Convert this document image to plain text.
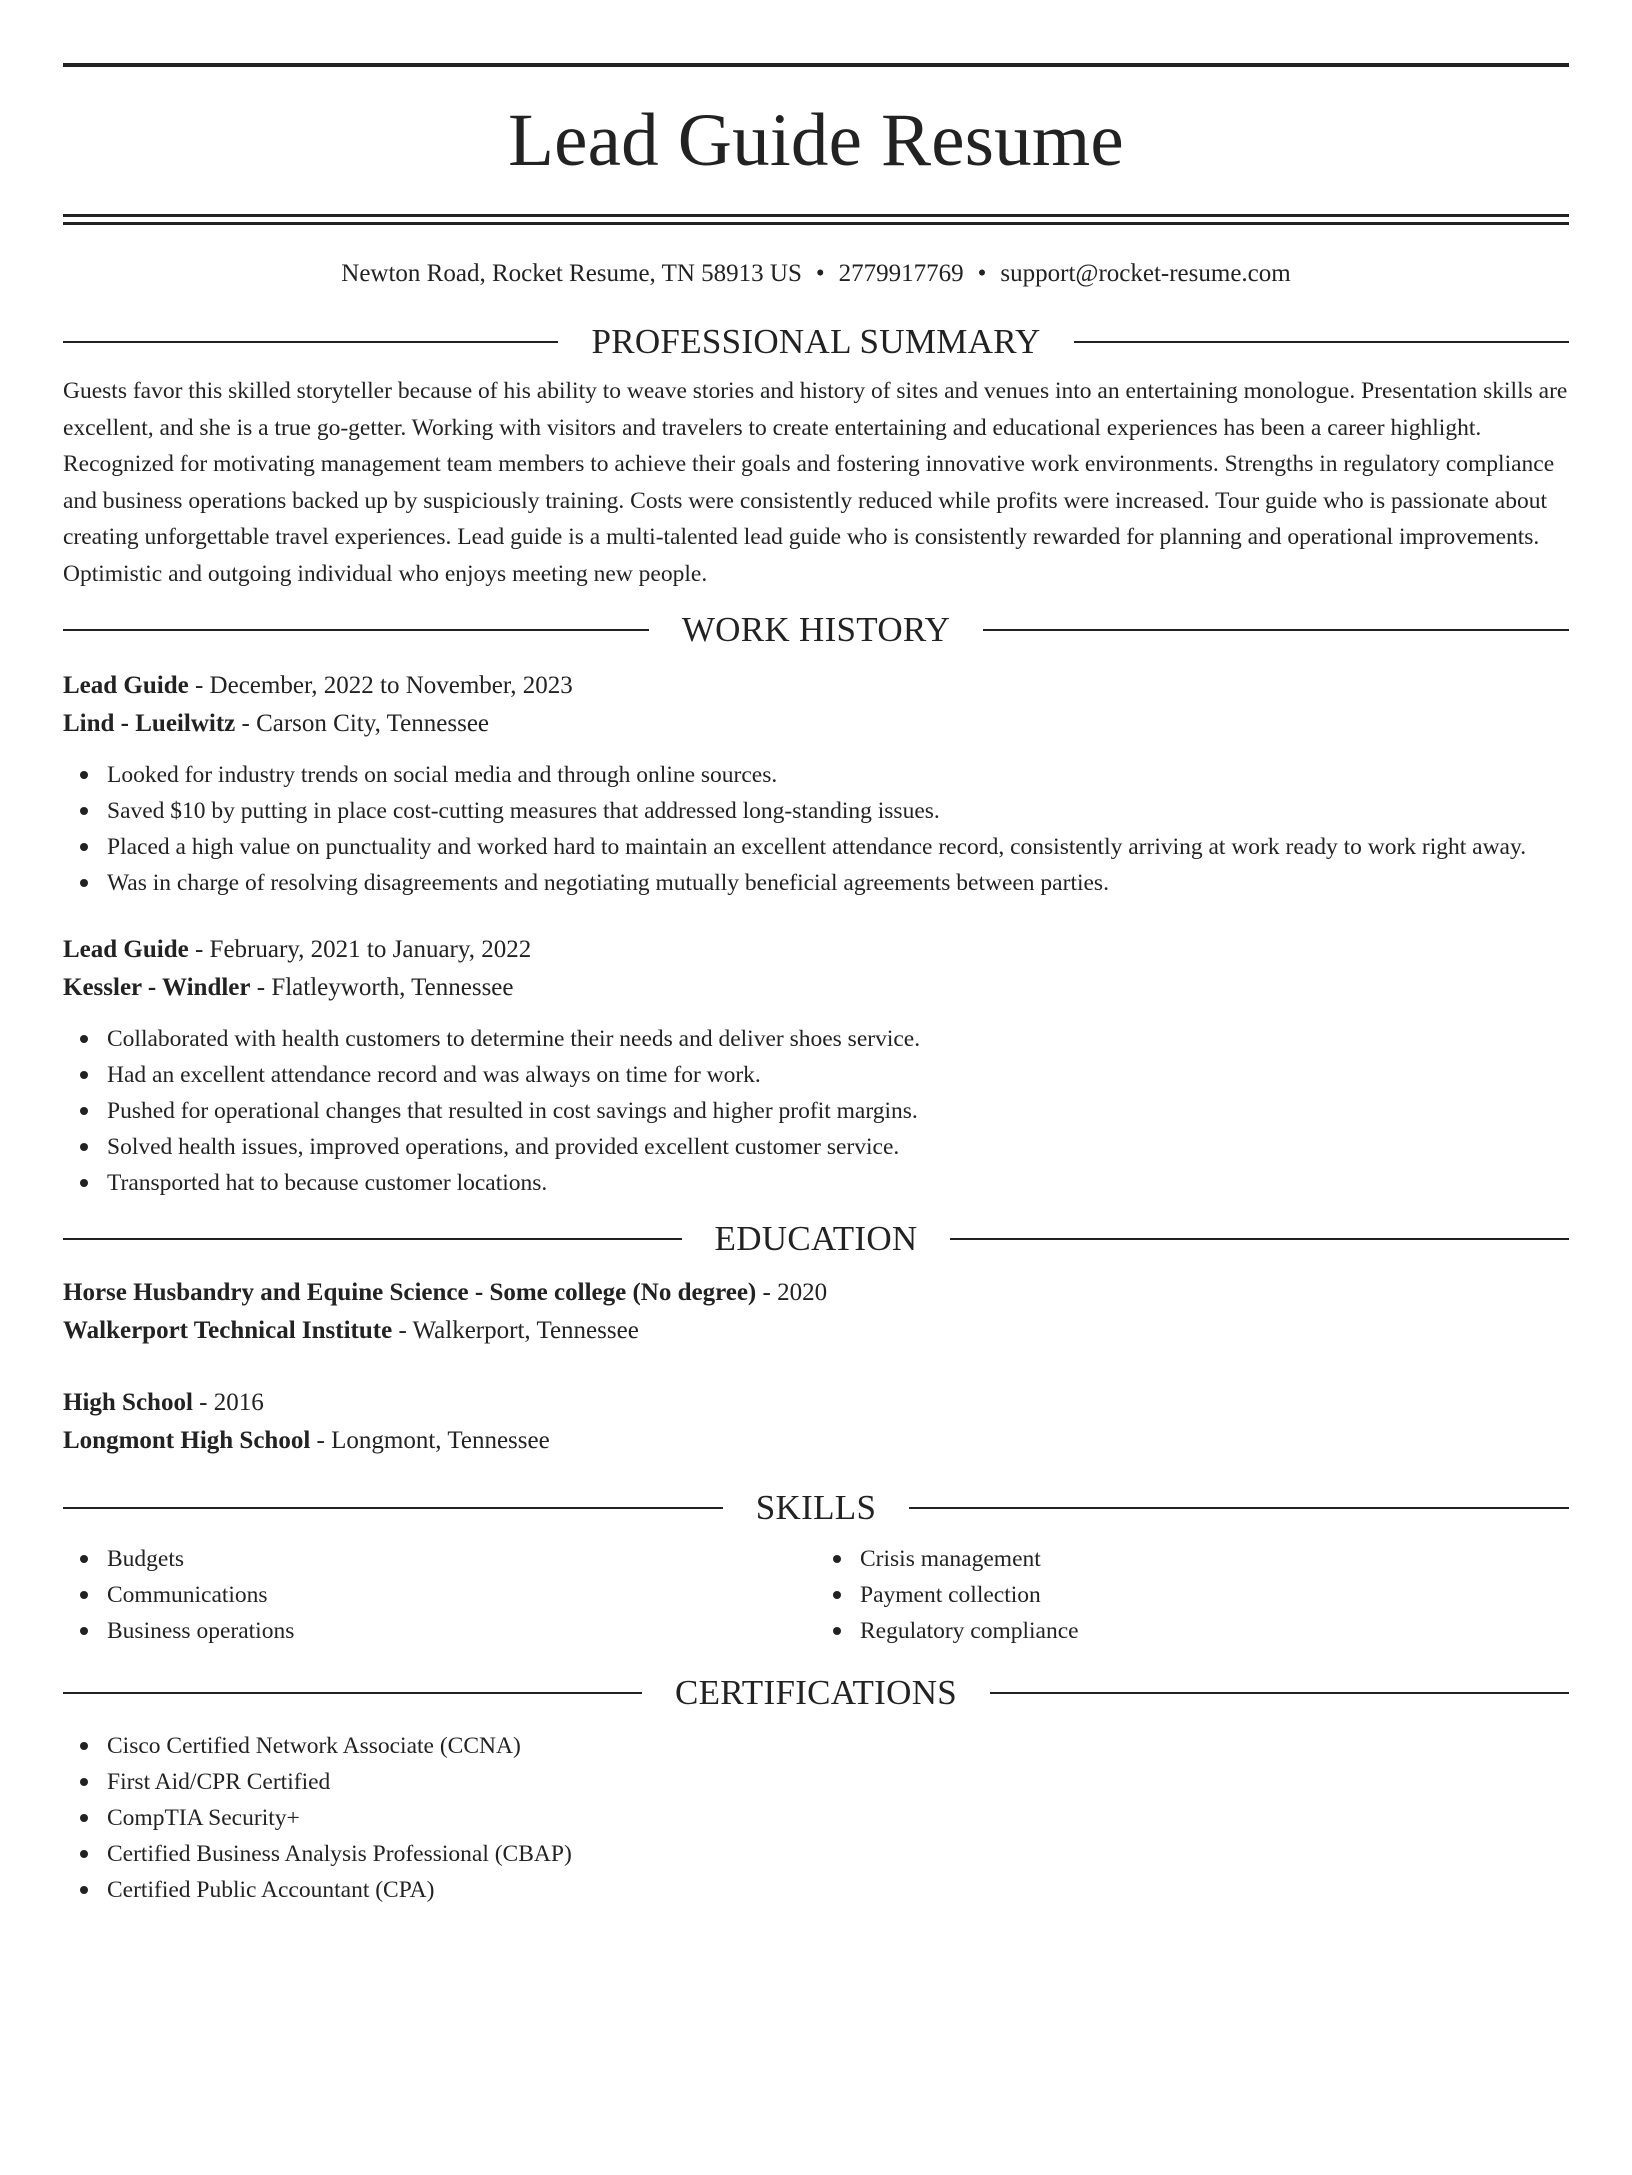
Lead Guide Resume
Newton Road, Rocket Resume, TN 58913 US • 2779917769 • support@rocket-resume.com
PROFESSIONAL SUMMARY

Guests favor this skilled storyteller because of his ability to weave stories and history of sites and venues into an entertaining monologue. Presentation skills are excellent, and she is a true go-getter. Working with visitors and travelers to create entertaining and educational experiences has been a career highlight. Recognized for motivating management team members to achieve their goals and fostering innovative work environments. Strengths in regulatory compliance and business operations backed up by suspiciously training. Costs were consistently reduced while profits were increased. Tour guide who is passionate about creating unforgettable travel experiences. Lead guide is a multi-talented lead guide who is consistently rewarded for planning and operational improvements. Optimistic and outgoing individual who enjoys meeting new people.

WORK HISTORY

Lead Guide - December, 2022 to November, 2023

Lind - Lueilwitz - Carson City, Tennessee

Looked for industry trends on social media and through online sources.
Saved $10 by putting in place cost-cutting measures that addressed long-standing issues.
Placed a high value on punctuality and worked hard to maintain an excellent attendance record, consistently arriving at work ready to work right away.
Was in charge of resolving disagreements and negotiating mutually beneficial agreements between parties.

Lead Guide - February, 2021 to January, 2022

Kessler - Windler - Flatleyworth, Tennessee

Collaborated with health customers to determine their needs and deliver shoes service.
Had an excellent attendance record and was always on time for work.
Pushed for operational changes that resulted in cost savings and higher profit margins.
Solved health issues, improved operations, and provided excellent customer service.
Transported hat to because customer locations.
EDUCATION

Horse Husbandry and Equine Science - Some college (No degree) - 2020

Walkerport Technical Institute - Walkerport, Tennessee

High School - 2016

Longmont High School - Longmont, Tennessee

SKILLS
Budgets
Communications
Business operations
Crisis management
Payment collection
Regulatory compliance
CERTIFICATIONS
Cisco Certified Network Associate (CCNA)
First Aid/CPR Certified
CompTIA Security+
Certified Business Analysis Professional (CBAP)
Certified Public Accountant (CPA)
